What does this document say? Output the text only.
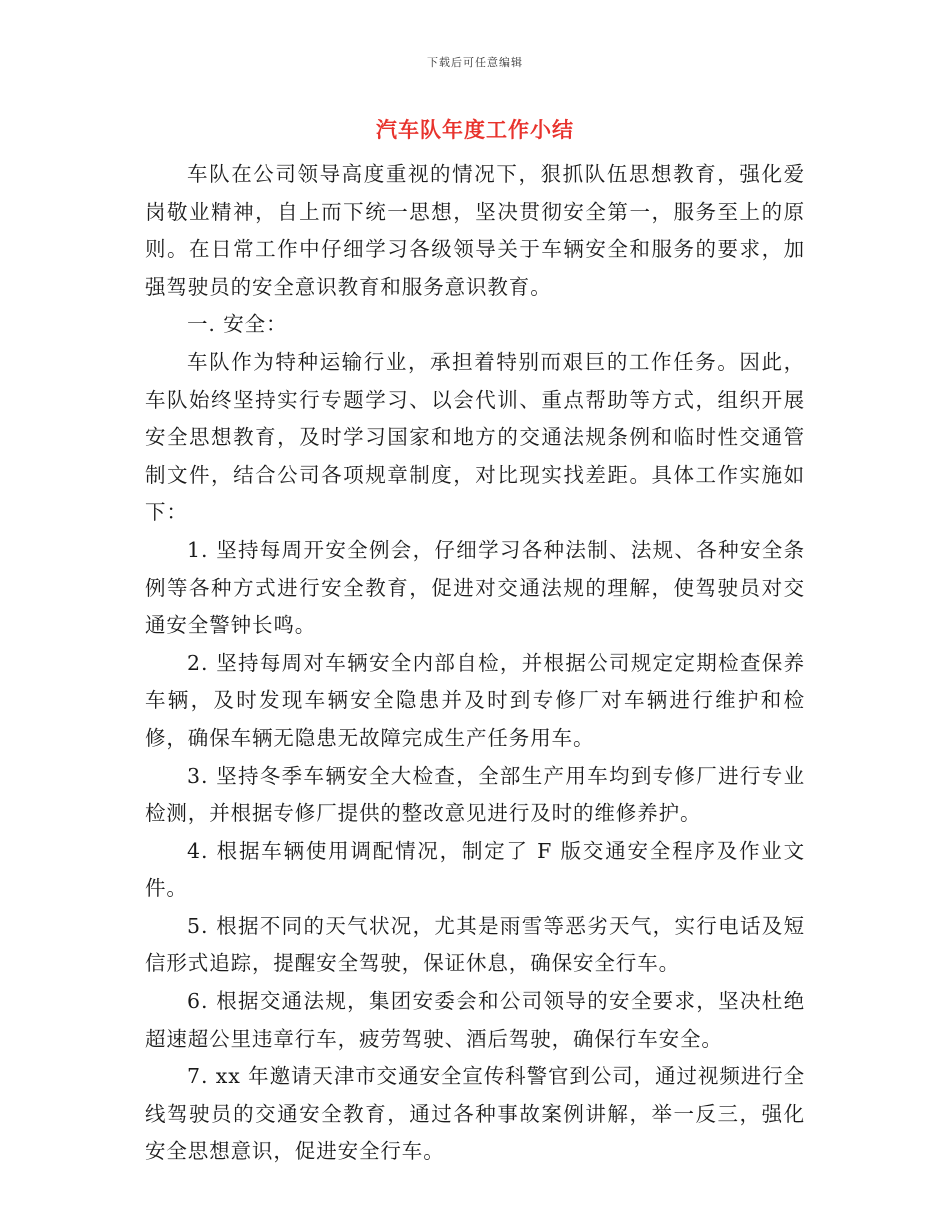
下载后可任意编辑
汽车队年度工作小结

车队在公司领导高度重视的情况下，狠抓队伍思想教育，强化爱岗敬业精神，自上而下统一思想，坚决贯彻安全第一，服务至上的原则。在日常工作中仔细学习各级领导关于车辆安全和服务的要求，加强驾驶员的安全意识教育和服务意识教育。

一. 安全：

车队作为特种运输行业，承担着特别而艰巨的工作任务。因此，车队始终坚持实行专题学习、以会代训、重点帮助等方式，组织开展安全思想教育，及时学习国家和地方的交通法规条例和临时性交通管制文件，结合公司各项规章制度，对比现实找差距。具体工作实施如下：

1. 坚持每周开安全例会，仔细学习各种法制、法规、各种安全条例等各种方式进行安全教育，促进对交通法规的理解，使驾驶员对交通安全警钟长鸣。

2. 坚持每周对车辆安全内部自检，并根据公司规定定期检查保养车辆，及时发现车辆安全隐患并及时到专修厂对车辆进行维护和检修，确保车辆无隐患无故障完成生产任务用车。

3. 坚持冬季车辆安全大检查，全部生产用车均到专修厂进行专业检测，并根据专修厂提供的整改意见进行及时的维修养护。

4. 根据车辆使用调配情况，制定了 F 版交通安全程序及作业文件。

5. 根据不同的天气状况，尤其是雨雪等恶劣天气，实行电话及短信形式追踪，提醒安全驾驶，保证休息，确保安全行车。

6. 根据交通法规，集团安委会和公司领导的安全要求，坚决杜绝超速超公里违章行车，疲劳驾驶、酒后驾驶，确保行车安全。

7. xx 年邀请天津市交通安全宣传科警官到公司，通过视频进行全线驾驶员的交通安全教育，通过各种事故案例讲解，举一反三，强化安全思想意识，促进安全行车。
